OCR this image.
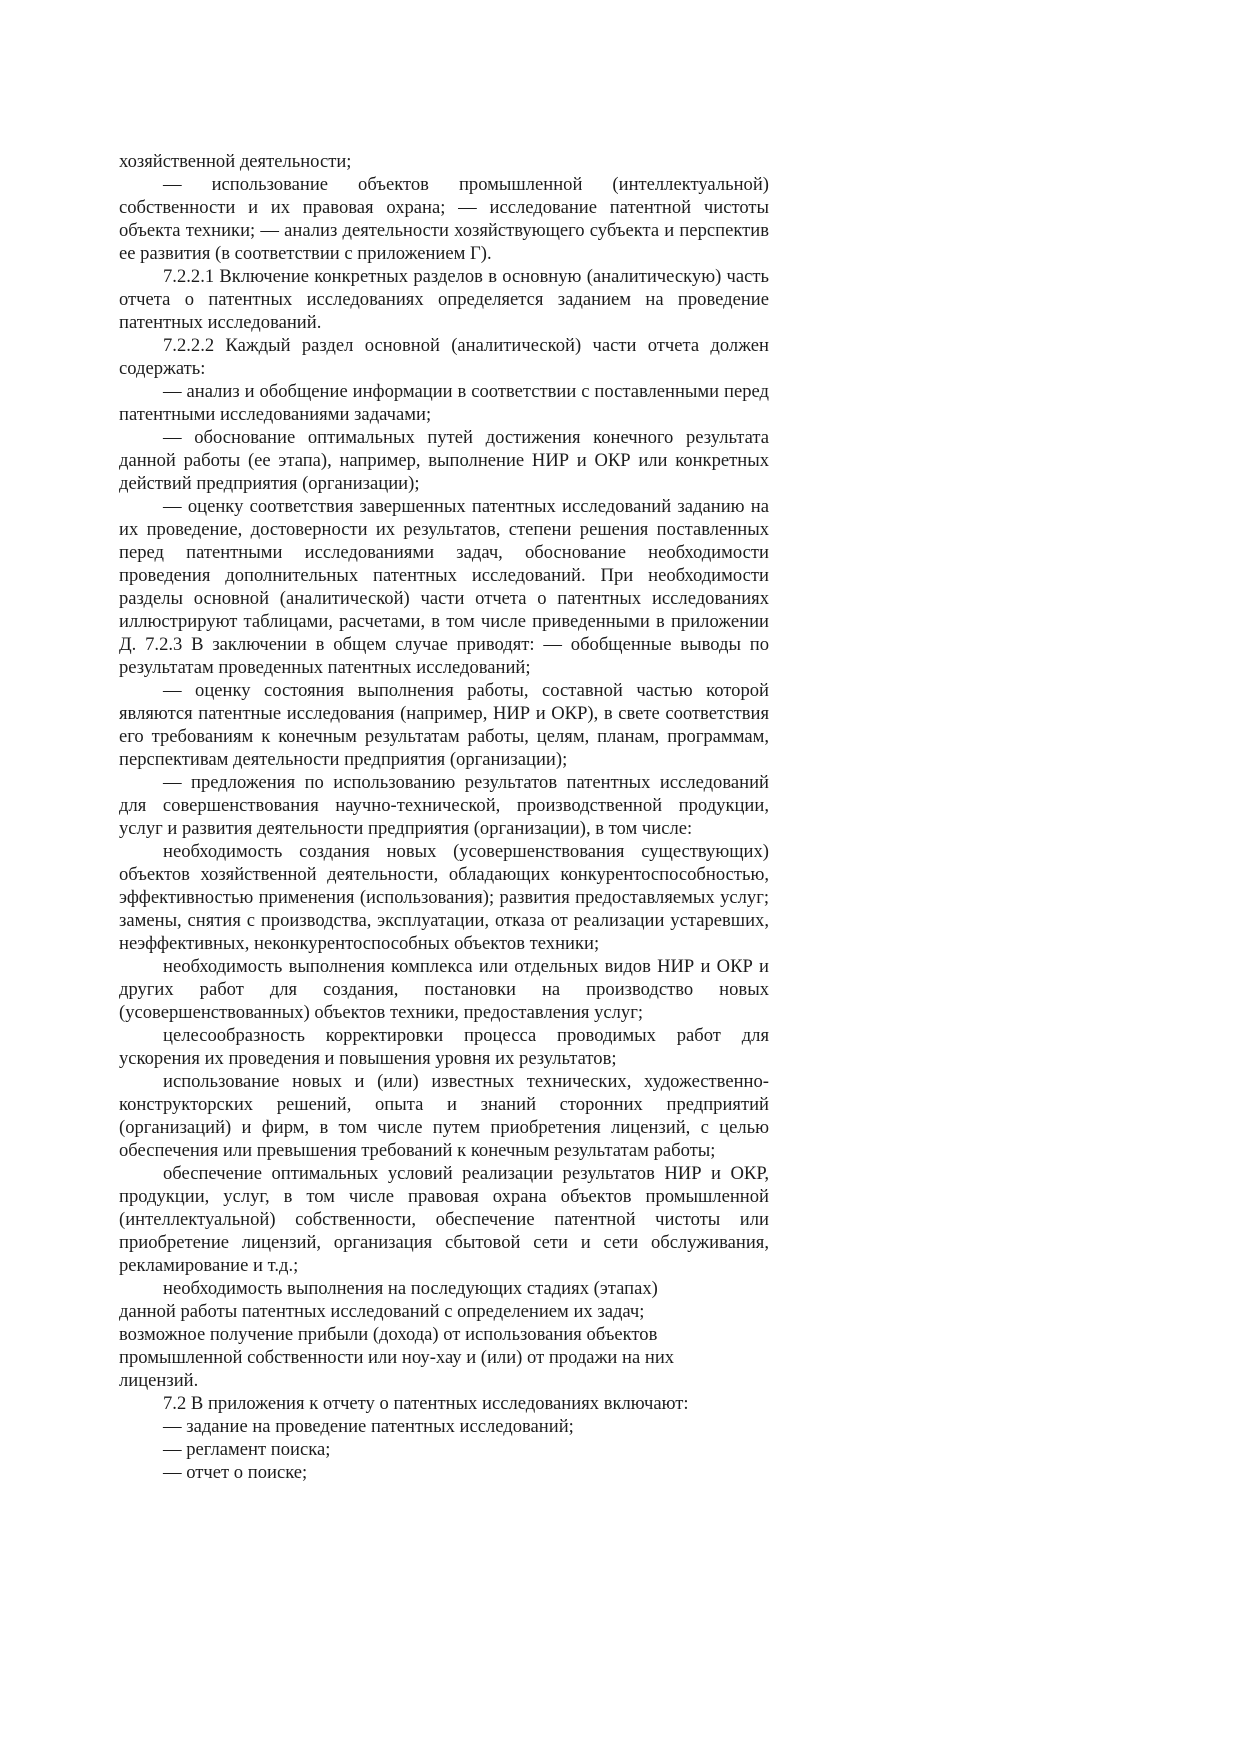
хозяйственной деятельности;

— использование объектов промышленной (интеллектуальной) собственности и их правовая охрана; — исследование патентной чистоты объекта техники; — анализ деятельности хозяйствующего субъекта и перспектив ее развития (в соответствии с приложением Г).

7.2.2.1 Включение конкретных разделов в основную (аналитическую) часть отчета о патентных исследованиях определяется заданием на проведение патентных исследований.

7.2.2.2 Каждый раздел основной (аналитической) части отчета должен содержать:

— анализ и обобщение информации в соответствии с поставленными перед патентными исследованиями задачами;

— обоснование оптимальных путей достижения конечного результата данной работы (ее этапа), например, выполнение НИР и ОКР или конкретных действий предприятия (организации);

— оценку соответствия завершенных патентных исследований заданию на их проведение, достоверности их результатов, степени решения поставленных перед патентными исследованиями задач, обоснование необходимости проведения дополнительных патентных исследований. При необходимости разделы основной (аналитической) части отчета о патентных исследованиях иллюстрируют таблицами, расчетами, в том числе приведенными в приложении Д. 7.2.3 В заключении в общем случае приводят: — обобщенные выводы по результатам проведенных патентных исследований;

— оценку состояния выполнения работы, составной частью которой являются патентные исследования (например, НИР и ОКР), в свете соответствия его требованиям к конечным результатам работы, целям, планам, программам, перспективам деятельности предприятия (организации);

— предложения по использованию результатов патентных исследований для совершенствования научно-технической, производственной продукции, услуг и развития деятельности предприятия (организации), в том числе:

необходимость создания новых (усовершенствования существующих) объектов хозяйственной деятельности, обладающих конкурентоспособностью, эффективностью применения (использования); развития предоставляемых услуг; замены, снятия с производства, эксплуатации, отказа от реализации устаревших, неэффективных, неконкурентоспособных объектов техники;

необходимость выполнения комплекса или отдельных видов НИР и ОКР и других работ для создания, постановки на производство новых (усовершенствованных) объектов техники, предоставления услуг;

целесообразность корректировки процесса проводимых работ для ускорения их проведения и повышения уровня их результатов;

использование новых и (или) известных технических, художественно-конструкторских решений, опыта и знаний сторонних предприятий (организаций) и фирм, в том числе путем приобретения лицензий, с целью обеспечения или превышения требований к конечным результатам работы;

обеспечение оптимальных условий реализации результатов НИР и ОКР, продукции, услуг, в том числе правовая охрана объектов промышленной (интеллектуальной) собственности, обеспечение патентной чистоты или приобретение лицензий, организация сбытовой сети и сети обслуживания, рекламирование и т.д.;

необходимость выполнения на последующих стадиях (этапах)

данной работы патентных исследований с определением их задач;

возможное получение прибыли (дохода) от использования объектов

промышленной собственности или ноу-хау и (или) от продажи на них

лицензий.

7.2 В приложения к отчету о патентных исследованиях включают:

— задание на проведение патентных исследований;

— регламент поиска;

— отчет о поиске;
